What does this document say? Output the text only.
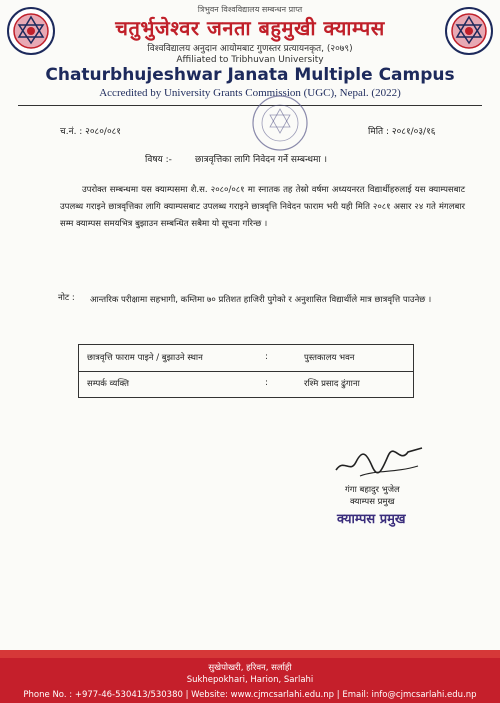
त्रिभुवन विश्वविद्यालय सम्बन्धन प्राप्त
चतुर्भुजेश्वर जनता बहुमुखी क्याम्पस
विश्वविद्यालय अनुदान आयोमबाट गुणस्तर प्रत्यायनकृत, (२०७९)
Affiliated to Tribhuvan University
Chaturbhujeshwar Janata Multiple Campus
Accredited by University Grants Commission (UGC), Nepal. (2022)
च.नं. : २०८०/०८१	मिति : २०८१/०३/१६
विषय :-	छात्रवृत्तिका लागि निवेदन गर्ने सम्बन्धमा ।
उपरोक्त सम्बन्धमा यस क्याम्पसमा शै.स. २०८०/०८१ मा स्नातक तह तेस्रो वर्षमा अध्ययनरत विद्यार्थीहरुलाई यस क्याम्पसबाट उपलब्ध गराइने छात्रवृत्तिका लागि क्याम्पसबाट उपलब्ध गराइने छात्रवृत्ति निवेदन फाराम भरी यही मिति २०८१ असार २४ गते मंगलबार सम्म क्याम्पस समयभित्र बुझाउन सम्बन्धित सबैमा यो सूचना गरिन्छ ।
नोट : आन्तरिक परीक्षामा सहभागी, कम्तिमा ७० प्रतिशत हाजिरी पुगेको र अनुशासित विद्यार्थीले मात्र छात्रवृत्ति पाउनेछ ।
छात्रवृत्ति फाराम पाइने / बुझाउने स्थान	:	पुस्तकालय भवन
सम्पर्क व्यक्ति	:	रश्मि प्रसाद ढुंगाना
गंगा बहादुर भुजेल
क्याम्पस प्रमुख
क्याम्पस प्रमुख
सुखेपोखरी, हरिवन, सर्लाही
Sukhepokhari, Harion, Sarlahi
Phone No. : +977-46-530413/530380 | Website: www.cjmcsarlahi.edu.np | Email: info@cjmcsarlahi.edu.np
